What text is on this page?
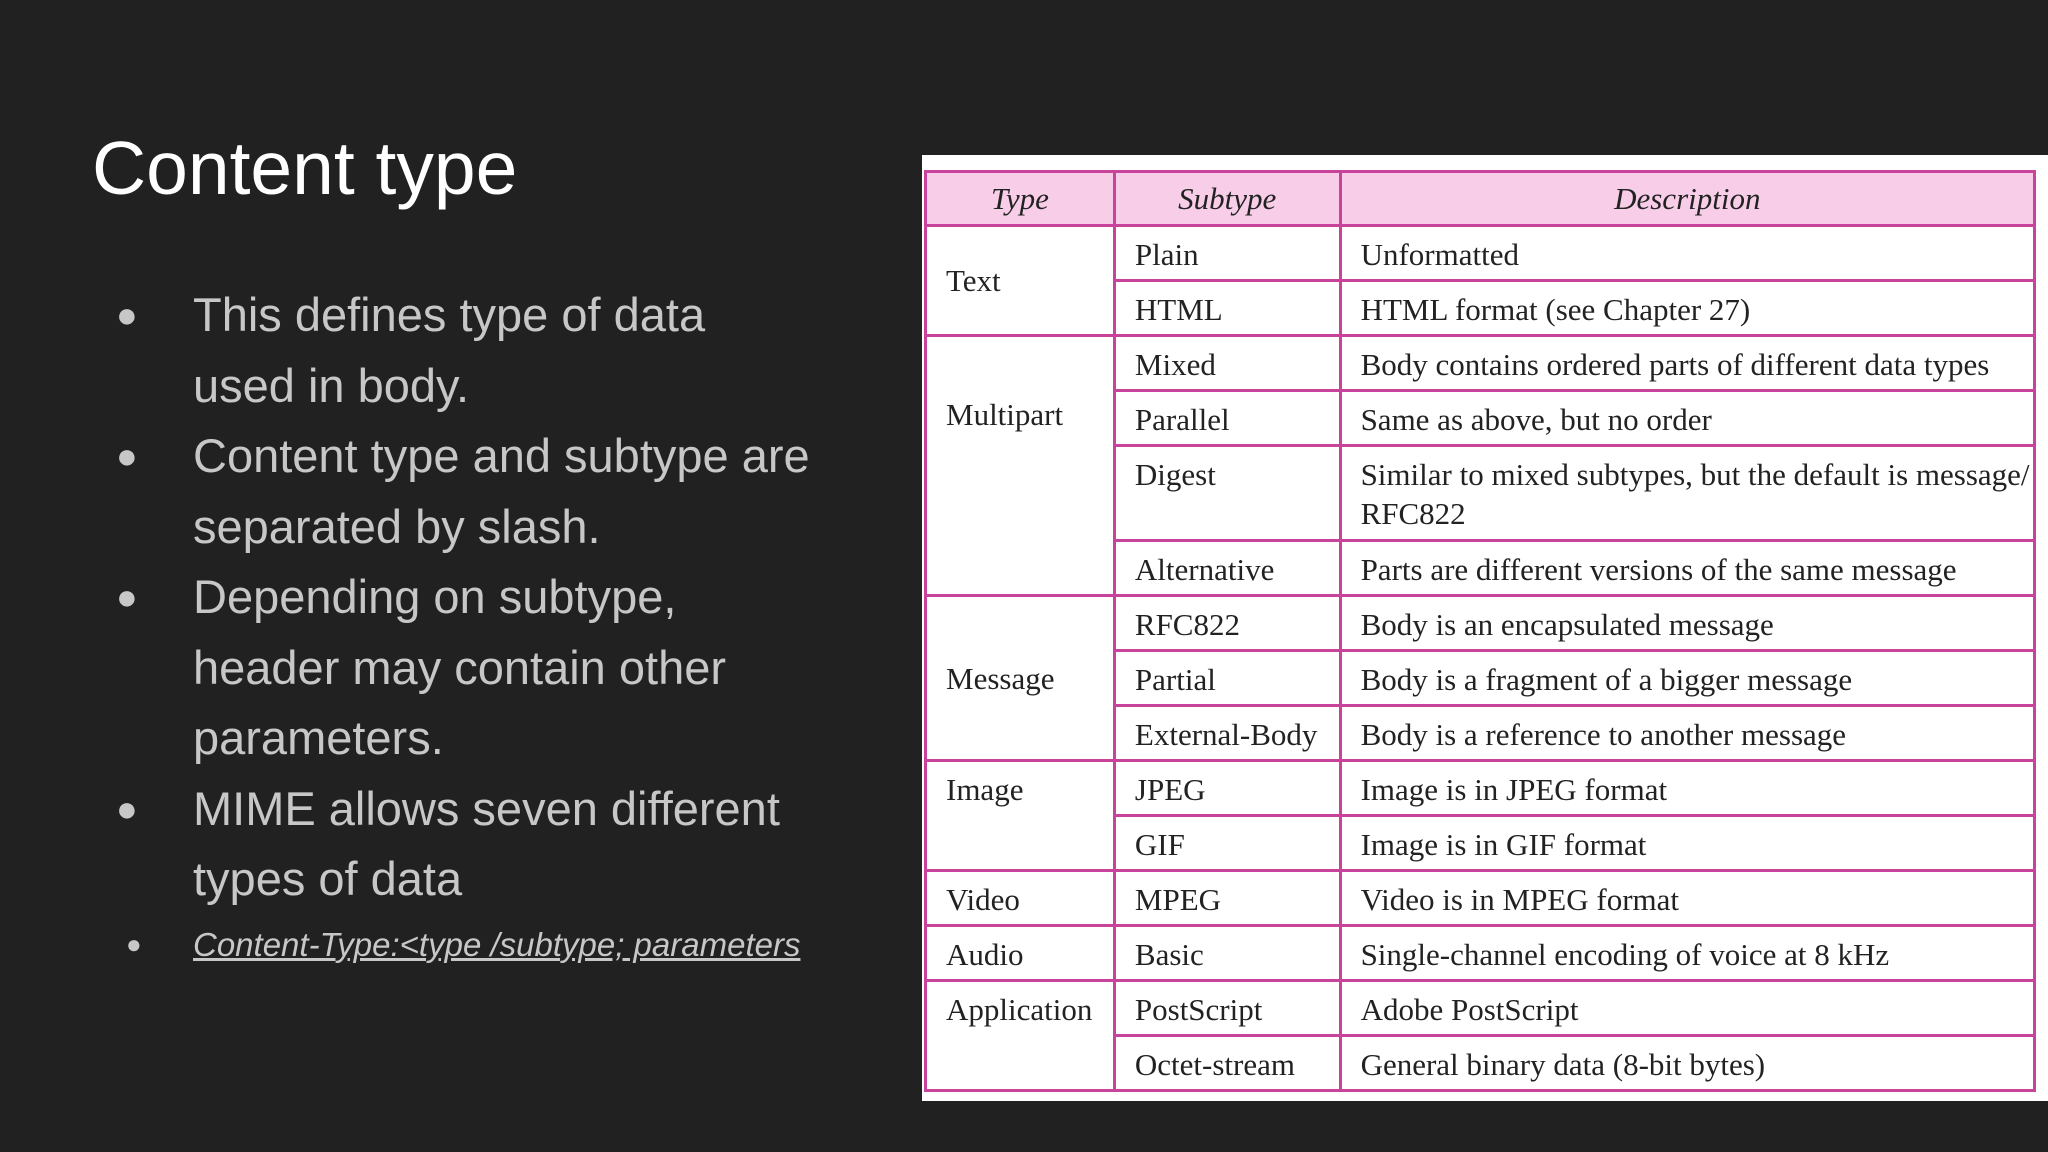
Content type
● This defines type of data used in body.
● Content type and subtype are separated by slash.
● Depending on subtype, header may contain other parameters.
● MIME allows seven different types of data
●	Content-Type:<type /subtype; parameters
Type	Subtype	Description
Text	Plain	Unformatted
	HTML	HTML format (see Chapter 27)
Multipart	Mixed	Body contains ordered parts of different data types
	Parallel	Same as above, but no order
	Digest	Similar to mixed subtypes, but the default is message/ RFC822
	Alternative	Parts are different versions of the same message
Message	RFC822	Body is an encapsulated message
	Partial	Body is a fragment of a bigger message
	External-Body	Body is a reference to another message
Image	JPEG	Image is in JPEG format
	GIF	Image is in GIF format
Video	MPEG	Video is in MPEG format
Audio	Basic	Single-channel encoding of voice at 8 kHz
Application	PostScript	Adobe PostScript
	Octet-stream	General binary data (8-bit bytes)
